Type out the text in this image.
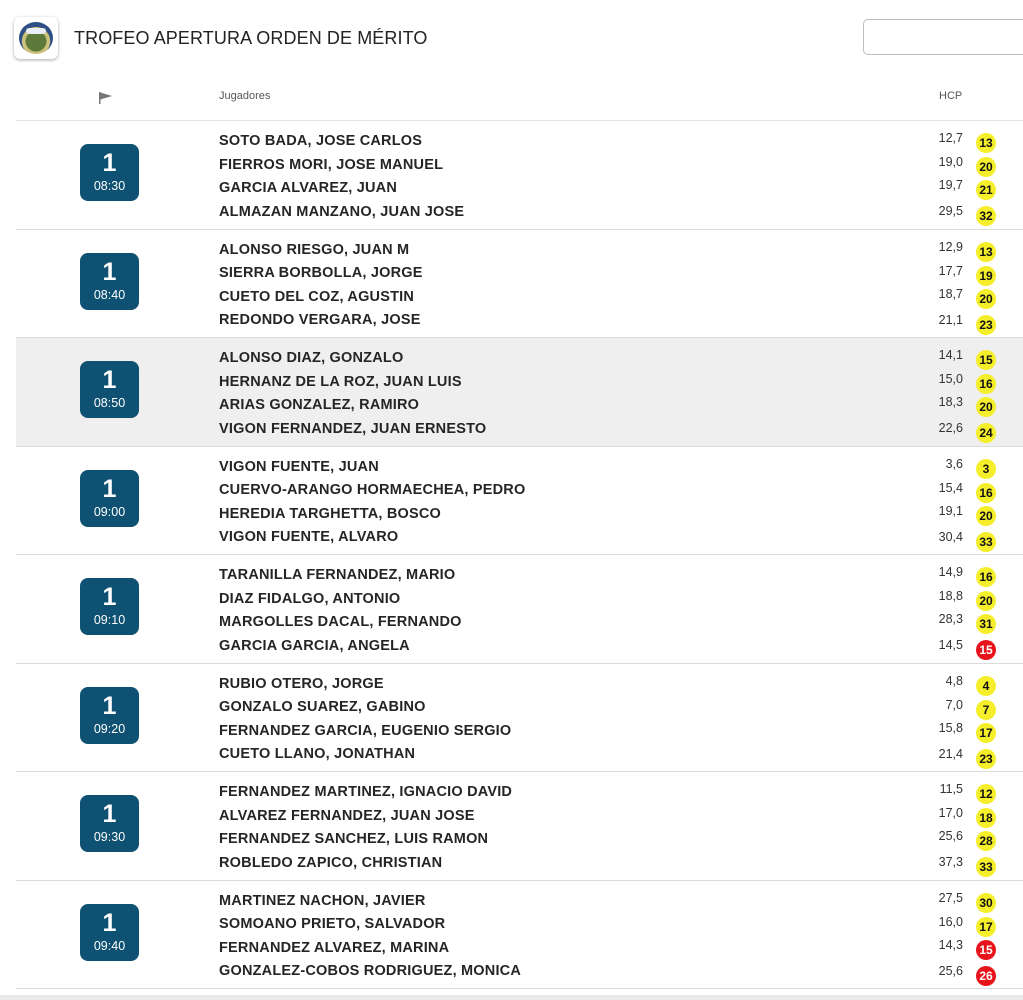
TROFEO APERTURA ORDEN DE MÉRITO
Jugadores	HCP
1
08:30
SOTO BADA, JOSE CARLOS	12,7 13
FIERROS MORI, JOSE MANUEL	19,0 20
GARCIA ALVAREZ, JUAN	19,7 21
ALMAZAN MANZANO, JUAN JOSE	29,5 32
1
08:40
ALONSO RIESGO, JUAN M	12,9 13
SIERRA BORBOLLA, JORGE	17,7 19
CUETO DEL COZ, AGUSTIN	18,7 20
REDONDO VERGARA, JOSE	21,1 23
1
08:50
ALONSO DIAZ, GONZALO	14,1 15
HERNANZ DE LA ROZ, JUAN LUIS	15,0 16
ARIAS GONZALEZ, RAMIRO	18,3 20
VIGON FERNANDEZ, JUAN ERNESTO	22,6 24
1
09:00
VIGON FUENTE, JUAN	3,6	3
CUERVO-ARANGO HORMAECHEA, PEDRO	15,4 16
HEREDIA TARGHETTA, BOSCO	19,1 20
VIGON FUENTE, ALVARO	30,4 33
1
09:10
TARANILLA FERNANDEZ, MARIO	14,9 16
DIAZ FIDALGO, ANTONIO	18,8 20
MARGOLLES DACAL, FERNANDO	28,3 31
GARCIA GARCIA, ANGELA	14,5 15
1
09:20
RUBIO OTERO, JORGE	4,8	4
GONZALO SUAREZ, GABINO	7,0	7
FERNANDEZ GARCIA, EUGENIO SERGIO	15,8 17
CUETO LLANO, JONATHAN	21,4 23
1
09:30
FERNANDEZ MARTINEZ, IGNACIO DAVID	11,5 12
ALVAREZ FERNANDEZ, JUAN JOSE	17,0 18
FERNANDEZ SANCHEZ, LUIS RAMON	25,6 28
ROBLEDO ZAPICO, CHRISTIAN	37,3 33
1
09:40
MARTINEZ NACHON, JAVIER	27,5 30
SOMOANO PRIETO, SALVADOR	16,0 17
FERNANDEZ ALVAREZ, MARINA	14,3 15
GONZALEZ-COBOS RODRIGUEZ, MONICA	25,6 26
